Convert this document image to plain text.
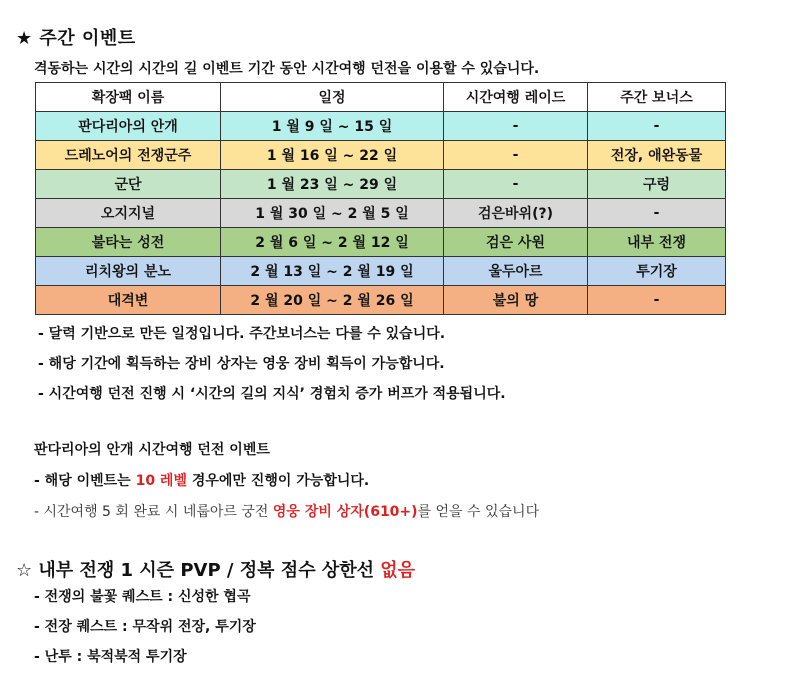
★ 주간 이벤트
격동하는 시간의 시간의 길 이벤트 기간 동안 시간여행 던전을 이용할 수 있습니다.
확장팩 이름	일정	시간여행 레이드	주간 보너스
판다리아의 안개	1 월 9 일 ~ 15 일	-	-
드레노어의 전쟁군주	1 월 16 일 ~ 22 일	-	전장, 애완동물
군단	1 월 23 일 ~ 29 일	-	구렁
오지지널	1 월 30 일 ~ 2 월 5 일	검은바위(?)	-
불타는 성전	2 월 6 일 ~ 2 월 12 일	검은 사원	내부 전쟁
리치왕의 분노	2 월 13 일 ~ 2 월 19 일	울두아르	투기장
대격변	2 월 20 일 ~ 2 월 26 일	불의 땅	-
- 달력 기반으로 만든 일정입니다. 주간보너스는 다를 수 있습니다.
- 해당 기간에 획득하는 장비 상자는 영웅 장비 획득이 가능합니다.
- 시간여행 던전 진행 시 ‘시간의 길의 지식’ 경험치 증가 버프가 적용됩니다.
판다리아의 안개 시간여행 던전 이벤트
- 해당 이벤트는 10 레벨 경우에만 진행이 가능합니다.
- 시간여행 5 회 완료 시 네룹아르 궁전 영웅 장비 상자(610+)를 얻을 수 있습니다
☆ 내부 전쟁 1 시즌 PVP / 정복 점수 상한선 없음
- 전쟁의 불꽃 퀘스트 : 신성한 협곡
- 전장 퀘스트 : 무작위 전장, 투기장
- 난투 : 북적북적 투기장
